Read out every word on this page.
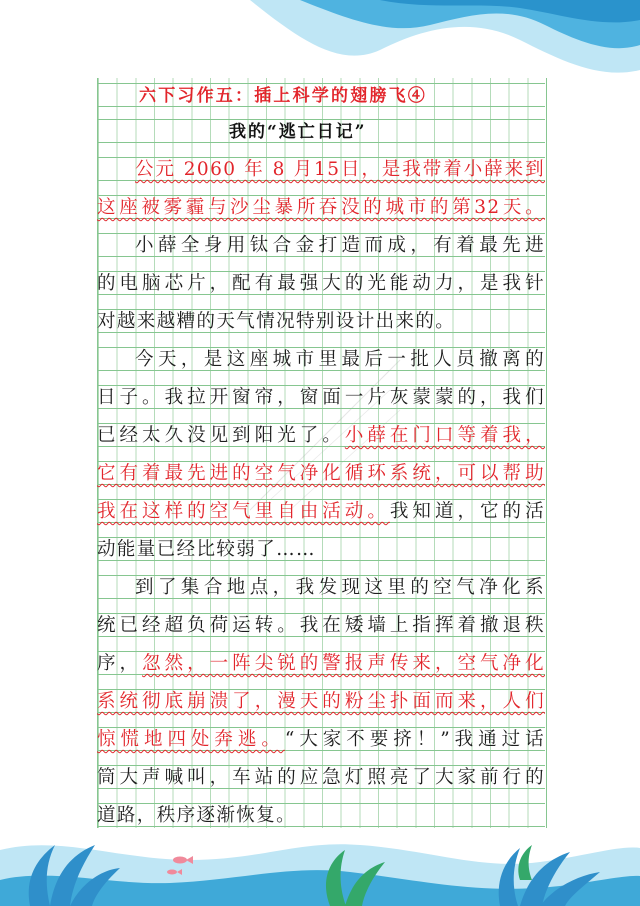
六下习作五：插上科学的翅膀飞④
我的“逃亡日记”
公元 2060 年 8 月15日，是我带着小薛来到
这座被雾霾与沙尘暴所吞没的城市的第32天。
小薛全身用钛合金打造而成，有着最先进
的电脑芯片，配有最强大的光能动力，是我针
对越来越糟的天气情况特别设计出来的。
今天，是这座城市里最后一批人员撤离的
日子。我拉开窗帘，窗面一片灰蒙蒙的，我们
已经太久没见到阳光了。小薛在门口等着我，
它有着最先进的空气净化循环系统，可以帮助
我在这样的空气里自由活动。我知道，它的活
动能量已经比较弱了……
到了集合地点，我发现这里的空气净化系
统已经超负荷运转。我在矮墙上指挥着撤退秩
序，忽然，一阵尖锐的警报声传来，空气净化
系统彻底崩溃了，漫天的粉尘扑面而来，人们
惊慌地四处奔逃。“大家不要挤！”我通过话
筒大声喊叫，车站的应急灯照亮了大家前行的
道路，秩序逐渐恢复。
